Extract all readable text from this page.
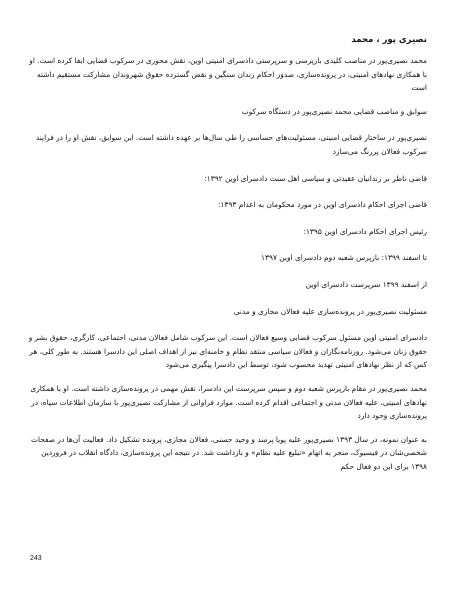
نصیری پور ، محمد

محمد نصیری‌پور در مناصب کلیدی بازپرسی و سرپرستی دادسرای امنیتی اوین، نقش محوری در سرکوب قضایی ایفا کرده است. او با همکاری نهادهای امنیتی، در پرونده‌سازی، صدور احکام زندان سنگین و نقض گسترده حقوق شهروندان مشارکت مستقیم داشته است

سوابق و مناصب قضایی محمد نصیری‌پور در دستگاه سرکوب

نصیری‌پور در ساختار قضایی امنیتی، مسئولیت‌های حساسی را طی سال‌ها بر عهده داشته است. این سوابق، نقش او را در فرایند سرکوب فعالان پررنگ می‌سازد

قاضی ناظر بر زندانیان عقیدتی و سیاسی اهل سنت دادسرای اوین ۱۳۹۲:

قاضی اجرای احکام دادسرای اوین در مورد محکومان به اعدام ۱۳۹۳:

رئیس اجرای احکام دادسرای اوین ۱۳۹۵:

تا اسفند ۱۳۹۹: بازپرس شعبه دوم دادسرای اوین ۱۳۹۷

از اسفند ۱۳۹۹ سرپرست دادسرای اوین

مسئولیت نصیری‌پور در پرونده‌سازی علیه فعالان مجازی و مدنی

دادسرای امنیتی اوین مسئول سرکوب قضایی وسیع فعالان است. این سرکوب شامل فعالان مدنی، اجتماعی، کارگری، حقوق بشر و حقوق زنان می‌شود. روزنامه‌نگاران و فعالان سیاسی منتقد نظام و خامنه‌ای نیز از اهداف اصلی این دادسرا هستند. به طور کلی، هر کس که از نظر نهادهای امنیتی تهدید محسوب شود، توسط این دادسرا پیگیری می‌شود

محمد نصیری‌پور در مقام بازپرس شعبه دوم و سپس سرپرست این دادسرا، نقش مهمی در پرونده‌سازی داشته است. او با همکاری نهادهای امنیتی، علیه فعالان مدنی و اجتماعی اقدام کرده است. موارد فراوانی از مشارکت نصیری‌پور با سازمان اطلاعات سپاه، در پرونده‌سازی وجود دارد

به عنوان نمونه، در سال ۱۳۹۳ نصیری‌پور علیه پویا پرمند و وحید حسنی، فعالان مجازی، پرونده تشکیل داد. فعالیت آن‌ها در صفحات شخصی‌شان در فیسبوک، منجر به اتهام «تبلیغ علیه نظام» و بازداشت شد. در نتیجه این پرونده‌سازی، دادگاه انقلاب در فروردین ۱۳۹۸ برای این دو فعال حکم

243
